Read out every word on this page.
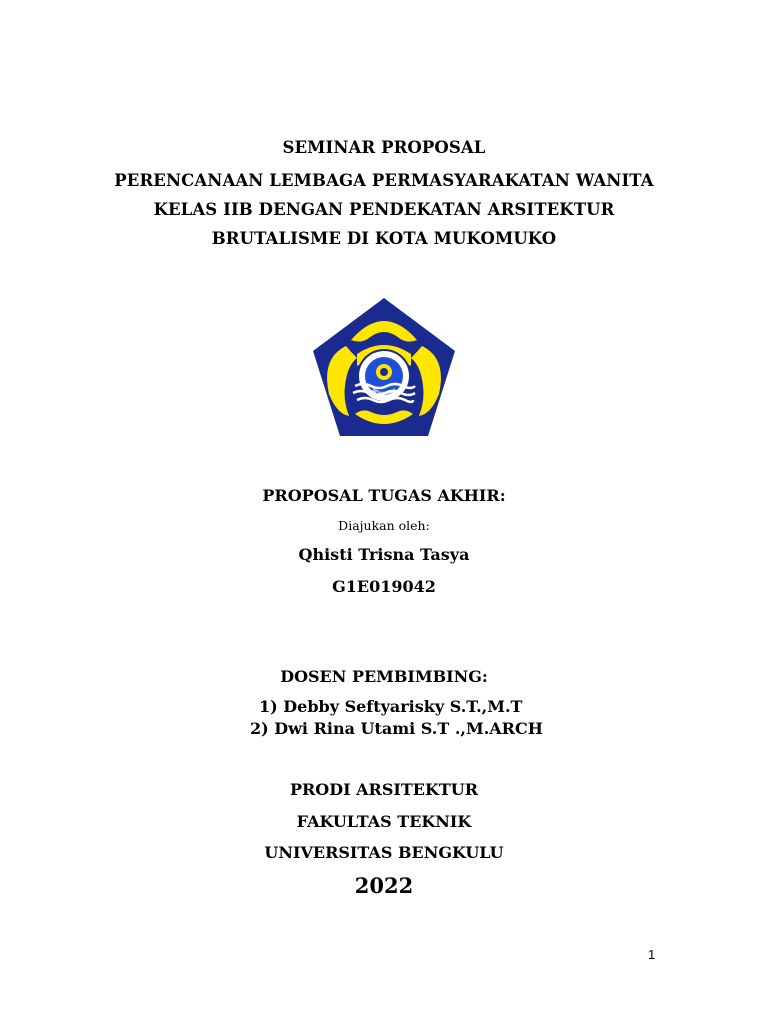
SEMINAR PROPOSAL
PERENCANAAN LEMBAGA PERMASYARAKATAN WANITA
KELAS IIB DENGAN PENDEKATAN ARSITEKTUR
BRUTALISME DI KOTA MUKOMUKO
UNIVERSITAS
BENGKULU
PROPOSAL TUGAS AKHIR:
Diajukan oleh:
Qhisti Trisna Tasya
G1E019042
DOSEN PEMBIMBING:
1) Debby Seftyarisky S.T.,M.T
2) Dwi Rina Utami S.T .,M.ARCH
PRODI ARSITEKTUR
FAKULTAS TEKNIK
UNIVERSITAS BENGKULU
2022
1
